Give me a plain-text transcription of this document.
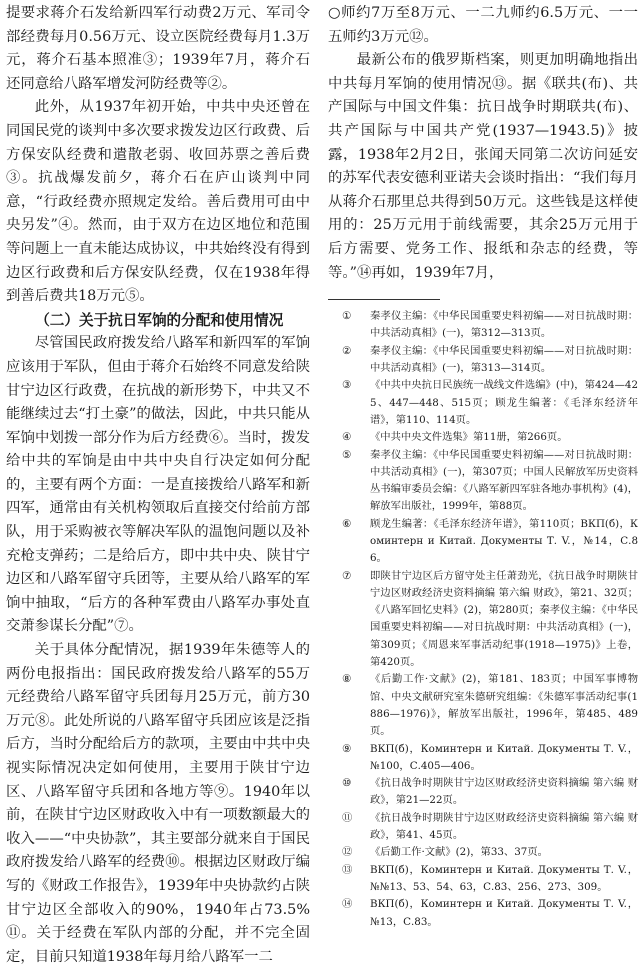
提要求蒋介石发给新四军行动费2万元、军司令部经费每月0.56万元、设立医院经费每月1.3万元，蒋介石基本照准③；1939年7月，蒋介石还同意给八路军增发河防经费等②。

此外，从1937年初开始，中共中央还曾在同国民党的谈判中多次要求拨发边区行政费、后方保安队经费和遣散老弱、收回苏票之善后费③。抗战爆发前夕，蒋介石在庐山谈判中同意，“行政经费亦照规定发给。善后费用可由中央另发”④。然而，由于双方在边区地位和范围等问题上一直未能达成协议，中共始终没有得到边区行政费和后方保安队经费，仅在1938年得到善后费共18万元⑤。

（二）关于抗日军饷的分配和使用情况

尽管国民政府拨发给八路军和新四军的军饷应该用于军队，但由于蒋介石始终不同意发给陕甘宁边区行政费，在抗战的新形势下，中共又不能继续过去“打土豪”的做法，因此，中共只能从军饷中划拨一部分作为后方经费⑥。当时，拨发给中共的军饷是由中共中央自行决定如何分配的，主要有两个方面：一是直接拨给八路军和新四军，通常由有关机构领取后直接交付给前方部队，用于采购被衣等解决军队的温饱问题以及补充枪支弹药；二是给后方，即中共中央、陕甘宁边区和八路军留守兵团等，主要从给八路军的军饷中抽取，“后方的各种军费由八路军办事处直交萧参谋长分配”⑦。

关于具体分配情况，据1939年朱德等人的两份电报指出：国民政府拨发给八路军的55万元经费给八路军留守兵团每月25万元，前方30万元⑧。此处所说的八路军留守兵团应该是泛指后方，当时分配给后方的款项，主要由中共中央视实际情况决定如何使用，主要用于陕甘宁边区、八路军留守兵团和各地方等⑨。1940年以前，在陕甘宁边区财政收入中有一项数额最大的收入——“中央协款”，其主要部分就来自于国民政府拨发给八路军的经费⑩。根据边区财政厅编写的《财政工作报告》，1939年中央协款约占陕甘宁边区全部收入的90%，1940年占73.5%⑪。关于经费在军队内部的分配，并不完全固定，目前只知道1938年每月给八路军一二

○师约7万至8万元、一二九师约6.5万元、一一五师约3万元⑫。

最新公布的俄罗斯档案，则更加明确地指出中共每月军饷的使用情况⑬。据《联共(布)、共产国际与中国文件集：抗日战争时期联共(布)、共产国际与中国共产党(1937—1943.5)》披露，1938年2月2日，张闻天同第二次访问延安的苏军代表安德利亚诺夫会谈时指出：“我们每月从蒋介石那里总共得到50万元。这些钱是这样使用的：25万元用于前线需要，其余25万元用于后方需要、党务工作、报纸和杂志的经费，等等。”⑭再如，1939年7月，

① 秦孝仪主编：《中华民国重要史料初编——对日抗战时期：中共活动真相》(一)，第312—313页。
② 秦孝仪主编：《中华民国重要史料初编——对日抗战时期：中共活动真相》(一)，第313—314页。
③ 《中共中央抗日民族统一战线文件选编》(中)，第424—425、447—448、515页；顾龙生编著：《毛泽东经济年谱》，第110、114页。
④ 《中共中央文件选集》第11册，第266页。
⑤ 秦孝仪主编：《中华民国重要史料初编——对日抗战时期：中共活动真相》(一)，第307页；中国人民解放军历史资料丛书编审委员会编：《八路军新四军驻各地办事机构》(4)，解放军出版社，1999年，第88页。
⑥ 顾龙生编著：《毛泽东经济年谱》，第110页；ВКП(б)，Коминтерн и Китай. Документы Т. V.，№14，С.86。
⑦ 即陕甘宁边区后方留守处主任萧劲光，《抗日战争时期陕甘宁边区财政经济史资料摘编 第六编 财政》，第21、32页；《八路军回忆史料》(2)，第280页；秦孝仪主编：《中华民国重要史料初编——对日抗战时期：中共活动真相》(一)，第309页；《周恩来军事活动纪事(1918—1975)》上卷，第420页。
⑧ 《后勤工作·文献》(2)，第181、183页；中国军事博物馆、中央文献研究室朱德研究组编：《朱德军事活动纪事(1886—1976)》，解放军出版社，1996年，第485、489页。
⑨ ВКП(б)，Коминтерн и Китай. Документы Т. V.，№100，С.405—406。
⑩ 《抗日战争时期陕甘宁边区财政经济史资料摘编 第六编 财政》，第21—22页。
⑪ 《抗日战争时期陕甘宁边区财政经济史资料摘编 第六编 财政》，第41、45页。
⑫ 《后勤工作·文献》(2)，第33、37页。
⑬ ВКП(б)，Коминтерн и Китай. Документы Т. V.，№№13、53、54、63，С.83、256、273、309。
⑭ ВКП(б)，Коминтерн и Китай. Документы Т. V.，№13，С.83。
